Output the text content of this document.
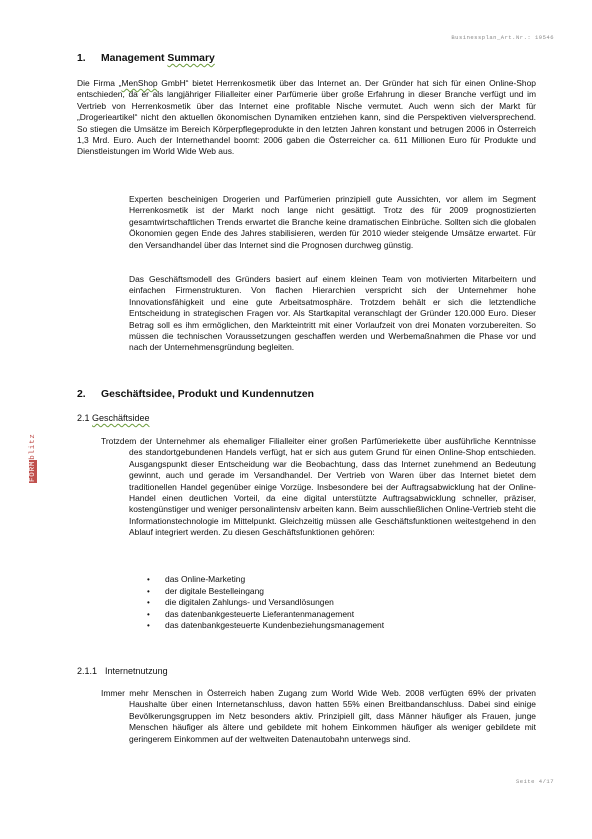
Businessplan_Art.Nr.: 19546
FORMblitz
1. Management Summary

Die Firma „MenShop GmbH“ bietet Herrenkosmetik über das Internet an. Der Gründer hat sich für einen Online-Shop entschieden, da er als langjähriger Filialleiter einer Parfümerie über große Erfahrung in dieser Branche verfügt und im Vertrieb von Herrenkosmetik über das Internet eine profitable Nische vermutet. Auch wenn sich der Markt für „Drogerieartikel“ nicht den aktuellen ökonomischen Dynamiken entziehen kann, sind die Perspektiven vielversprechend. So stiegen die Umsätze im Bereich Körperpflegeprodukte in den letzten Jahren konstant und betrugen 2006 in Österreich 1,3 Mrd. Euro. Auch der Internethandel boomt: 2006 gaben die Österreicher ca. 611 Millionen Euro für Produkte und Dienstleistungen im World Wide Web aus.

Experten bescheinigen Drogerien und Parfümerien prinzipiell gute Aussichten, vor allem im Segment Herrenkosmetik ist der Markt noch lange nicht gesättigt. Trotz des für 2009 prognostizierten gesamtwirtschaftlichen Trends erwartet die Branche keine dramatischen Einbrüche. Sollten sich die globalen Ökonomien gegen Ende des Jahres stabilisieren, werden für 2010 wieder steigende Umsätze erwartet. Für den Versandhandel über das Internet sind die Prognosen durchweg günstig.

Das Geschäftsmodell des Gründers basiert auf einem kleinen Team von motivierten Mitarbeitern und einfachen Firmenstrukturen. Von flachen Hierarchien verspricht sich der Unternehmer hohe Innovationsfähigkeit und eine gute Arbeitsatmosphäre. Trotzdem behält er sich die letztendliche Entscheidung in strategischen Fragen vor. Als Startkapital veranschlagt der Gründer 120.000 Euro. Dieser Betrag soll es ihm ermöglichen, den Markteintritt mit einer Vorlaufzeit von drei Monaten vorzubereiten. So müssen die technischen Voraussetzungen geschaffen werden und Werbemaßnahmen die Phase vor und nach der Unternehmensgründung begleiten.

2. Geschäftsidee, Produkt und Kundennutzen
2.1 Geschäftsidee

Trotzdem der Unternehmer als ehemaliger Filialleiter einer großen Parfümeriekette über ausführliche Kenntnisse des standortgebundenen Handels verfügt, hat er sich aus gutem Grund für einen Online-Shop entschieden. Ausgangspunkt dieser Entscheidung war die Beobachtung, dass das Internet zunehmend an Bedeutung gewinnt, auch und gerade im Versandhandel. Der Vertrieb von Waren über das Internet bietet dem traditionellen Handel gegenüber einige Vorzüge. Insbesondere bei der Auftragsabwicklung hat der Online-Handel einen deutlichen Vorteil, da eine digital unterstützte Auftragsabwicklung schneller, präziser, kostengünstiger und weniger personalintensiv arbeiten kann. Beim ausschließlichen Online-Vertrieb steht die Informationstechnologie im Mittelpunkt. Gleichzeitig müssen alle Geschäftsfunktionen weitestgehend in den Ablauf integriert werden. Zu diesen Geschäftsfunktionen gehören:

• das Online-Marketing
• der digitale Bestelleingang
• die digitalen Zahlungs- und Versandlösungen
• das datenbankgesteuerte Lieferantenmanagement
• das datenbankgesteuerte Kundenbeziehungsmanagement
2.1.1 Internetnutzung

Immer mehr Menschen in Österreich haben Zugang zum World Wide Web. 2008 verfügten 69% der privaten Haushalte über einen Internetanschluss, davon hatten 55% einen Breitbandanschluss. Dabei sind einige Bevölkerungsgruppen im Netz besonders aktiv. Prinzipiell gilt, dass Männer häufiger als Frauen, junge Menschen häufiger als ältere und gebildete mit hohem Einkommen häufiger als weniger gebildete mit geringerem Einkommen auf der weltweiten Datenautobahn unterwegs sind.

Seite 4/17
